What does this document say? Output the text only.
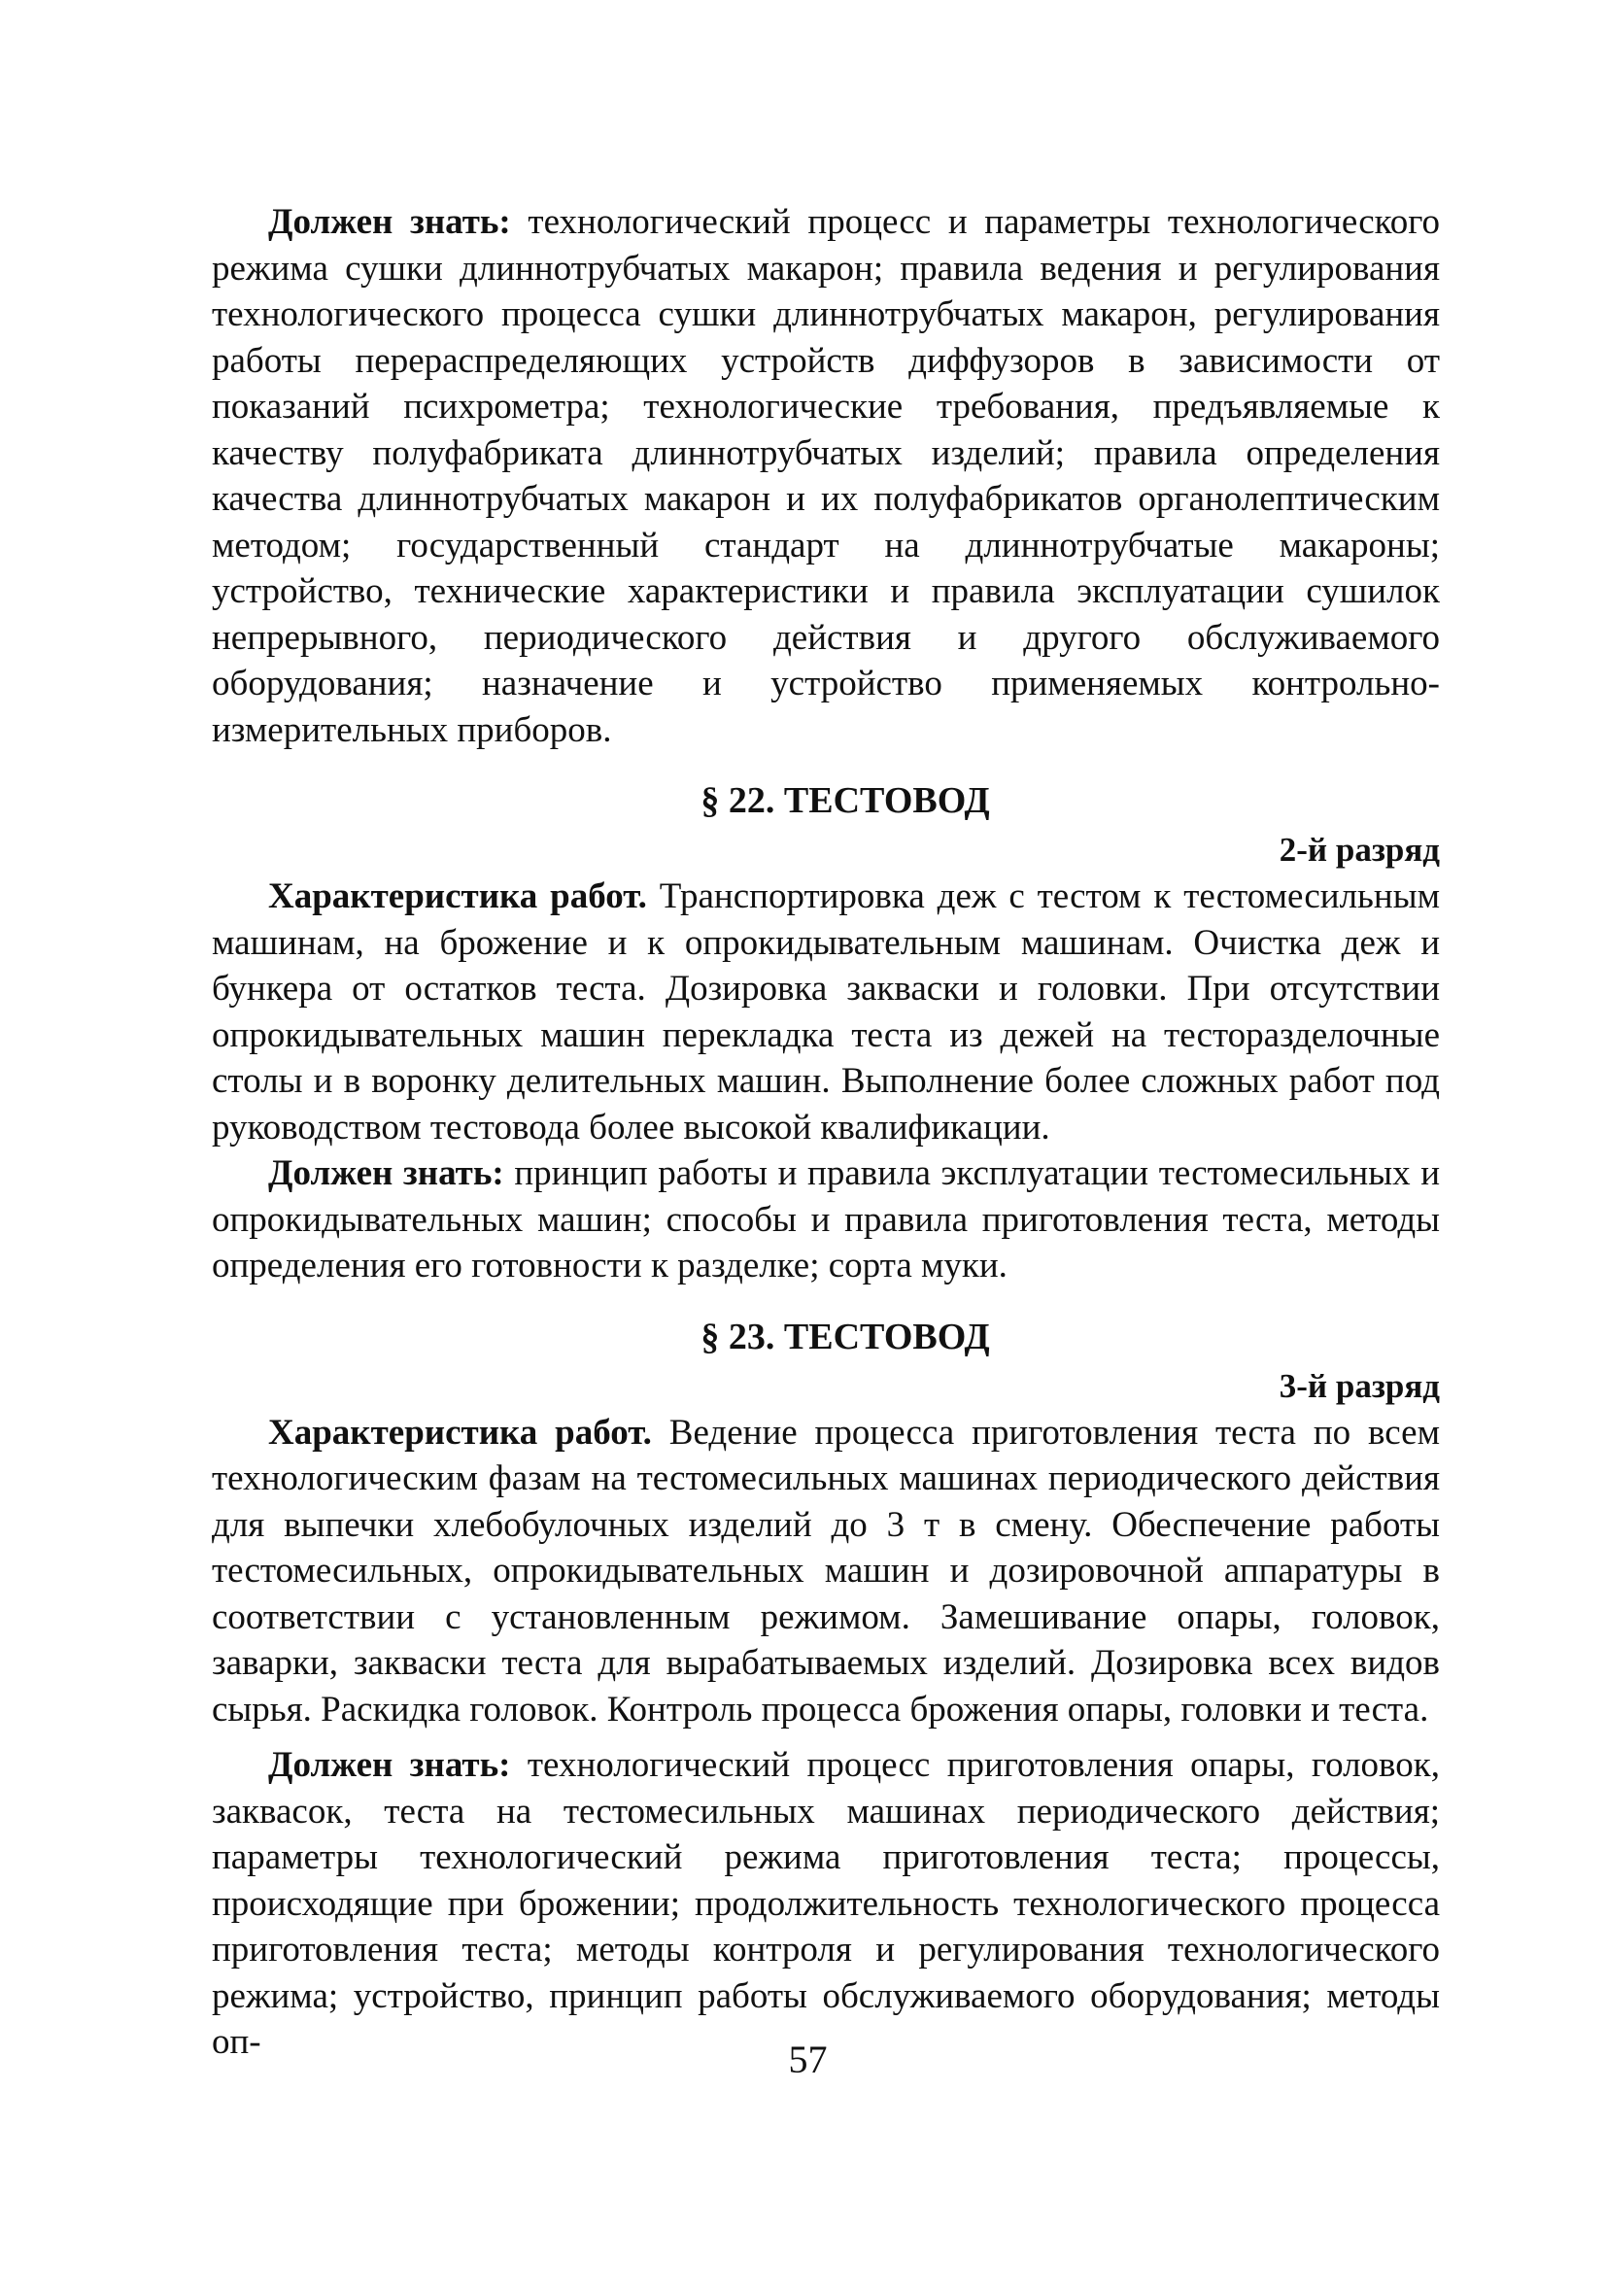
Должен знать: технологический процесс и параметры технологического режима сушки длиннотрубчатых макарон; правила ведения и регулирования технологического процесса сушки длиннотрубчатых макарон, регулирования работы перераспределяющих устройств диффузоров в зависимости от показаний психрометра; технологические требования, предъявляемые к качеству полуфабриката длиннотрубчатых изделий; правила определения качества длиннотрубчатых макарон и их полуфабрикатов органолептическим методом; государственный стандарт на длиннотрубчатые макароны; устройство, технические характеристики и правила эксплуатации сушилок непрерывного, периодического действия и другого обслуживаемого оборудования; назначение и устройство применяемых контрольно-измерительных приборов.

§ 22. ТЕСТОВОД
2-й разряд

Характеристика работ. Транспортировка деж с тестом к тестомесильным машинам, на брожение и к опрокидывательным машинам. Очистка деж и бункера от остатков теста. Дозировка закваски и головки. При отсутствии опрокидывательных машин перекладка теста из дежей на тесторазделочные столы и в воронку делительных машин. Выполнение более сложных работ под руководством тестовода более высокой квалификации.

Должен знать: принцип работы и правила эксплуатации тестомесильных и опрокидывательных машин; способы и правила приготовления теста, методы определения его готовности к разделке; сорта муки.

§ 23. ТЕСТОВОД
3-й разряд

Характеристика работ. Ведение процесса приготовления теста по всем технологическим фазам на тестомесильных машинах периодического действия для выпечки хлебобулочных изделий до 3 т в смену. Обеспечение работы тестомесильных, опрокидывательных машин и дозировочной аппаратуры в соответствии с установленным режимом. Замешивание опары, головок, заварки, закваски теста для вырабатываемых изделий. Дозировка всех видов сырья. Раскидка головок. Контроль процесса брожения опары, головки и теста.

Должен знать: технологический процесс приготовления опары, головок, заквасок, теста на тестомесильных машинах периодического действия; параметры технологический режима приготовления теста; процессы, происходящие при брожении; продолжительность технологического процесса приготовления теста; методы контроля и регулирования технологического режима; устройство, принцип работы обслуживаемого оборудования; методы оп-	57
